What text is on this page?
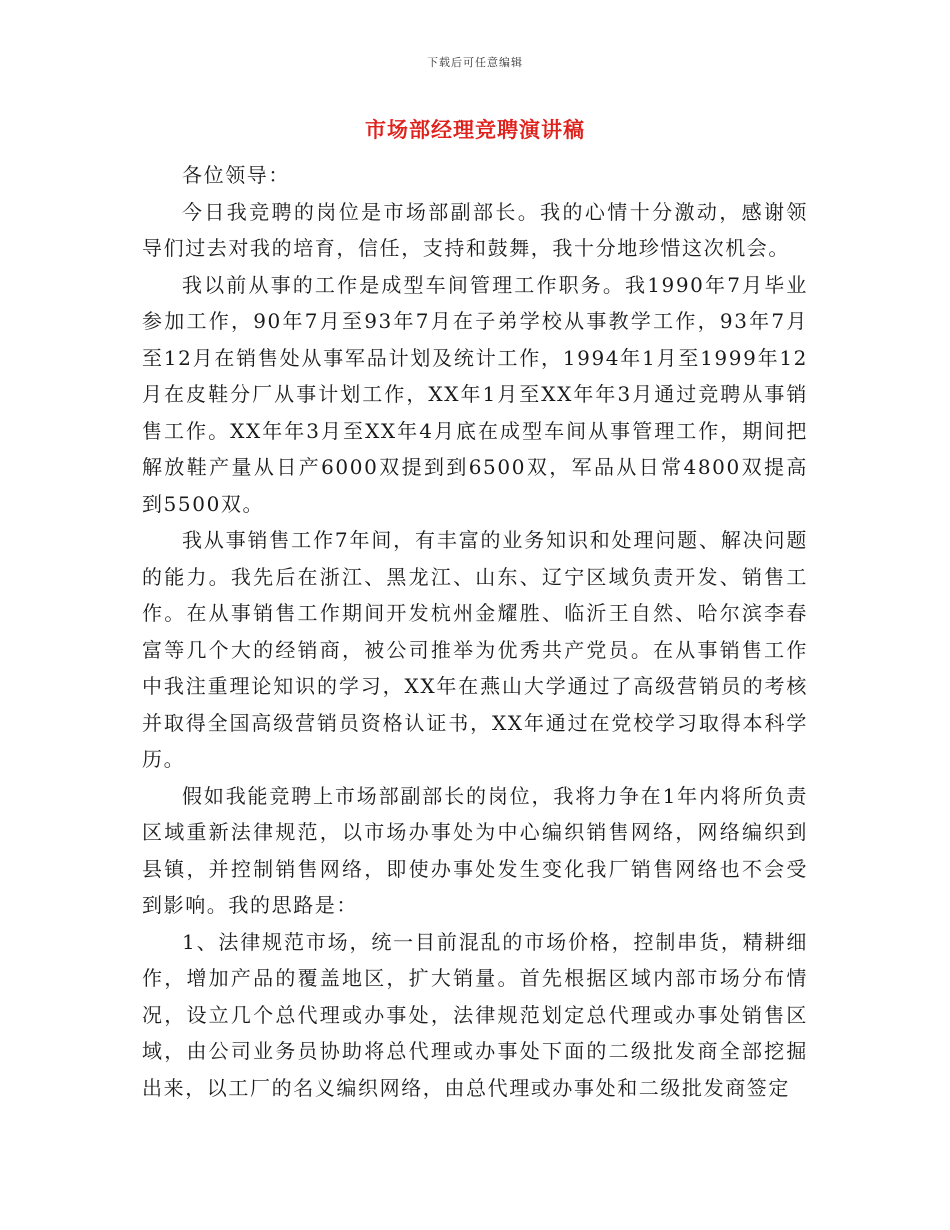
下载后可任意编辑
市场部经理竞聘演讲稿

各位领导：

今日我竞聘的岗位是市场部副部长。我的心情十分激动，感谢领导们过去对我的培育，信任，支持和鼓舞，我十分地珍惜这次机会。

我以前从事的工作是成型车间管理工作职务。我1990年7月毕业参加工作，90年7月至93年7月在子弟学校从事教学工作，93年7月至12月在销售处从事军品计划及统计工作，1994年1月至1999年12月在皮鞋分厂从事计划工作，XX年1月至XX年年3月通过竞聘从事销售工作。XX年年3月至XX年4月底在成型车间从事管理工作，期间把解放鞋产量从日产6000双提到到6500双，军品从日常4800双提高到5500双。

我从事销售工作7年间，有丰富的业务知识和处理问题、解决问题的能力。我先后在浙江、黑龙江、山东、辽宁区域负责开发、销售工作。在从事销售工作期间开发杭州金耀胜、临沂王自然、哈尔滨李春富等几个大的经销商，被公司推举为优秀共产党员。在从事销售工作中我注重理论知识的学习，XX年在燕山大学通过了高级营销员的考核并取得全国高级营销员资格认证书，XX年通过在党校学习取得本科学历。

假如我能竞聘上市场部副部长的岗位，我将力争在1年内将所负责区域重新法律规范，以市场办事处为中心编织销售网络，网络编织到县镇，并控制销售网络，即使办事处发生变化我厂销售网络也不会受到影响。我的思路是：

1、法律规范市场，统一目前混乱的市场价格，控制串货，精耕细作，增加产品的覆盖地区，扩大销量。首先根据区域内部市场分布情况，设立几个总代理或办事处，法律规范划定总代理或办事处销售区域，由公司业务员协助将总代理或办事处下面的二级批发商全部挖掘出来，以工厂的名义编织网络，由总代理或办事处和二级批发商签定
